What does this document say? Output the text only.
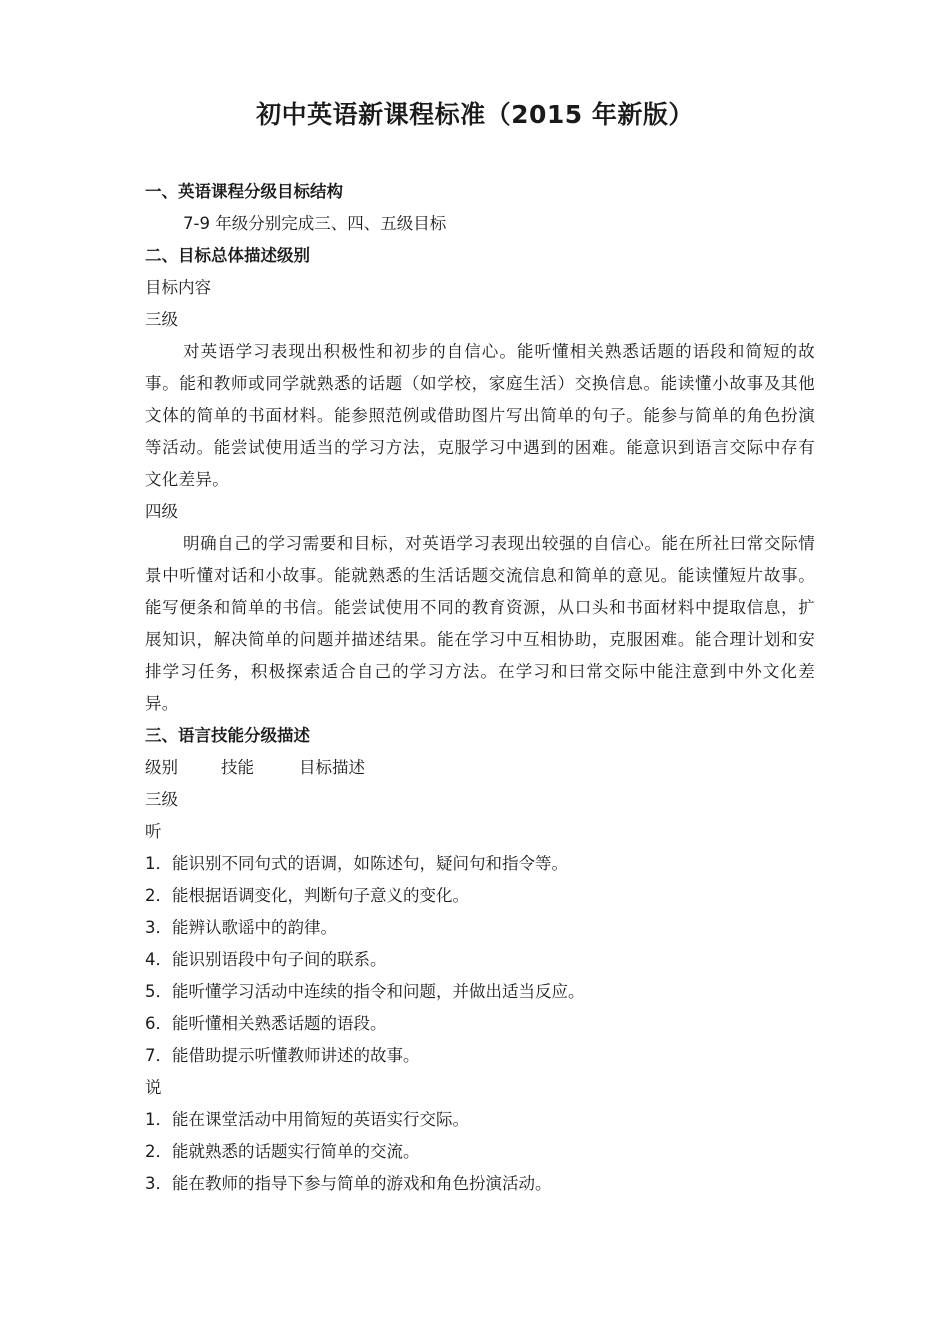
初中英语新课程标准（2015 年新版）
一、英语课程分级目标结构
7-9 年级分别完成三、四、五级目标
二、目标总体描述级别
目标内容
三级
对英语学习表现出积极性和初步的自信心。能听懂相关熟悉话题的语段和简短的故事。能和教师或同学就熟悉的话题（如学校，家庭生活）交换信息。能读懂小故事及其他文体的简单的书面材料。能参照范例或借助图片写出简单的句子。能参与简单的角色扮演等活动。能尝试使用适当的学习方法，克服学习中遇到的困难。能意识到语言交际中存有文化差异。
四级
明确自己的学习需要和目标，对英语学习表现出较强的自信心。能在所社曰常交际情景中听懂对话和小故事。能就熟悉的生活话题交流信息和简单的意见。能读懂短片故事。能写便条和简单的书信。能尝试使用不同的教育资源，从口头和书面材料中提取信息，扩展知识，解决简单的问题并描述结果。能在学习中互相协助，克服困难。能合理计划和安排学习任务，积极探索适合自己的学习方法。在学习和曰常交际中能注意到中外文化差异。
三、语言技能分级描述
级别	技能	目标描述
三级
听
1．能识别不同句式的语调，如陈述句，疑问句和指令等。
2．能根据语调变化，判断句子意义的变化。
3．能辨认歌谣中的韵律。
4．能识别语段中句子间的联系。
5．能听懂学习活动中连续的指令和问题，并做出适当反应。
6．能听懂相关熟悉话题的语段。
7．能借助提示听懂教师讲述的故事。
说
1．能在课堂活动中用简短的英语实行交际。
2．能就熟悉的话题实行简单的交流。
3．能在教师的指导下参与简单的游戏和角色扮演活动。
